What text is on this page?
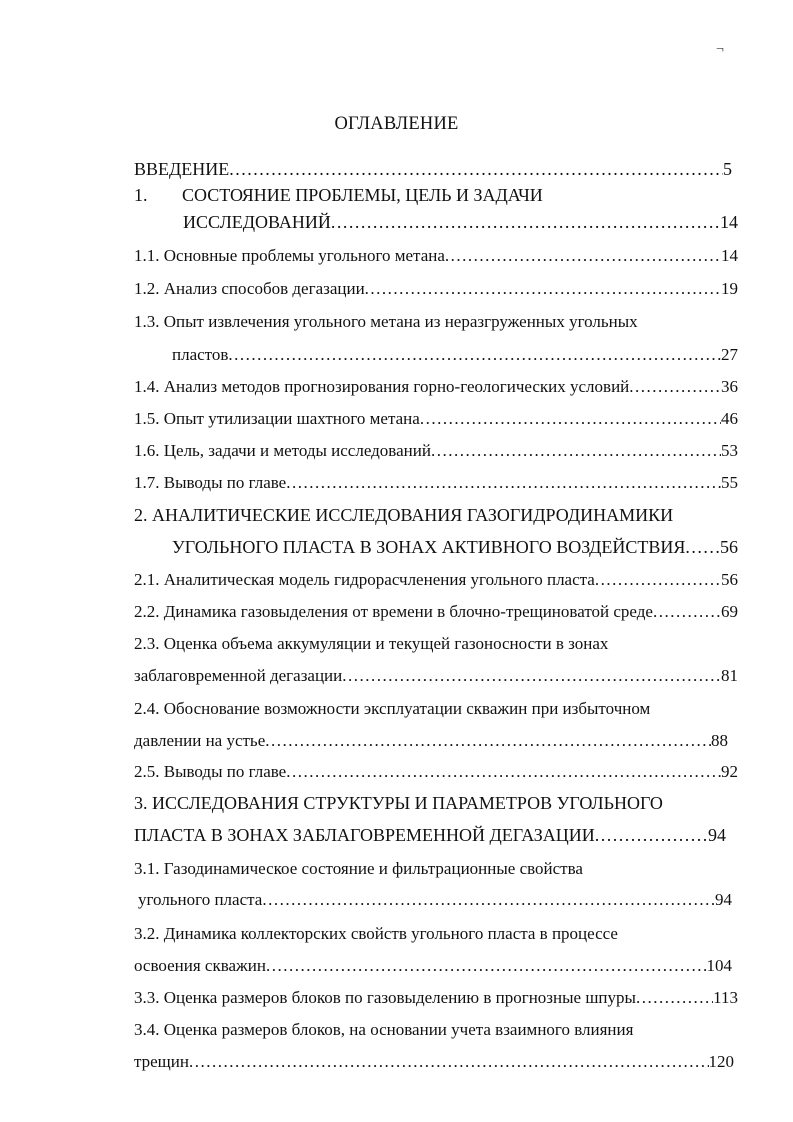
¬
ОГЛАВЛЕНИЕ
ВВЕДЕНИЕ .....	5
1. СОСТОЯНИЕ ПРОБЛЕМЫ, ЦЕЛЬ И ЗАДАЧИ
ИССЛЕДОВАНИЙ .....	14
1.1. Основные проблемы угольного метана .....	14
1.2. Анализ способов дегазации .....	19
1.3. Опыт извлечения угольного метана из неразгруженных угольных
пластов .....	27
1.4. Анализ методов прогнозирования горно-геологических условий .....	36
1.5. Опыт утилизации шахтного метана .....	46
1.6. Цель, задачи и методы исследований .....	53
1.7. Выводы по главе .....	55
2. АНАЛИТИЧЕСКИЕ ИССЛЕДОВАНИЯ ГАЗОГИДРОДИНАМИКИ
УГОЛЬНОГО ПЛАСТА В ЗОНАХ АКТИВНОГО ВОЗДЕЙСТВИЯ ..... 56
2.1. Аналитическая модель гидрорасчленения угольного пласта .....	56
2.2. Динамика газовыделения от времени в блочно-трещиноватой среде .....	69
2.3. Оценка объема аккумуляции и текущей газоносности в зонах
заблаговременной дегазации .....	81
2.4. Обоснование возможности эксплуатации скважин при избыточном
давлении на устье .....	88
2.5. Выводы по главе .....	92
3. ИССЛЕДОВАНИЯ СТРУКТУРЫ И ПАРАМЕТРОВ УГОЛЬНОГО
ПЛАСТА В ЗОНАХ ЗАБЛАГОВРЕМЕННОЙ ДЕГАЗАЦИИ .....	94
3.1. Газодинамическое состояние и фильтрационные свойства
угольного пласта .....	94
3.2. Динамика коллекторских свойств угольного пласта в процессе
освоения скважин .....	104
3.3. Оценка размеров блоков по газовыделению в прогнозные шпуры .....	113
3.4. Оценка размеров блоков, на основании учета взаимного влияния
трещин .....	120
